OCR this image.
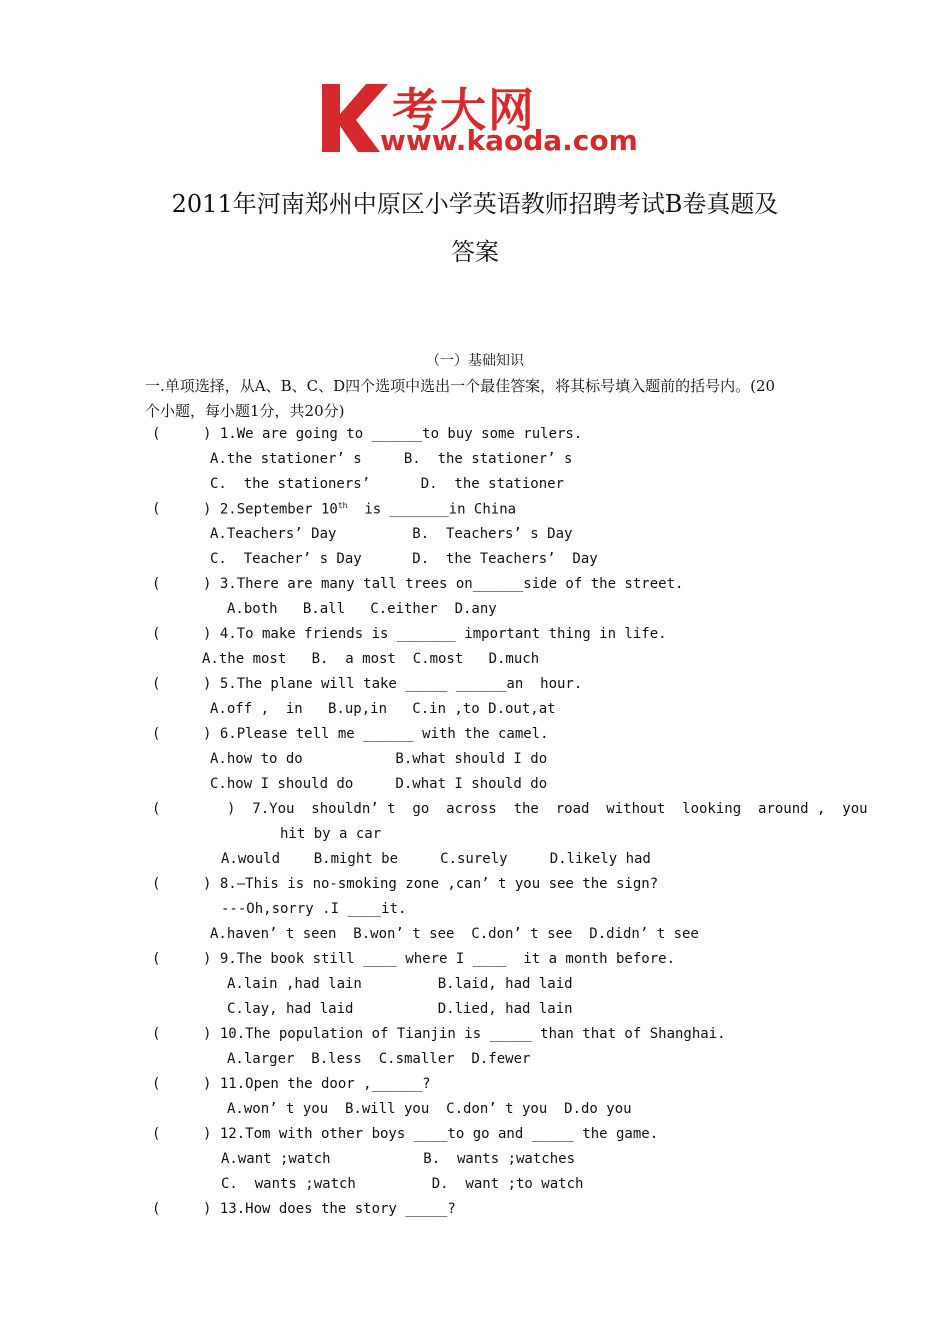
考大网
www.kaoda.com
2011年河南郑州中原区小学英语教师招聘考试B卷真题及
答案
（一）基础知识
一.单项选择，从A、B、C、D四个选项中选出一个最佳答案，将其标号填入题前的括号内。(20
个小题，每小题1分，共20分)
(	) 1.We are going to ______to buy some rulers.
A.the stationer’ s     B.  the stationer’ s
C.  the stationers’      D.  the stationer
(	) 2.September 10th  is _______in China
A.Teachers’ Day         B.  Teachers’ s Day
C.  Teacher’ s Day      D.  the Teachers’  Day
(	) 3.There are many tall trees on______side of the street.
A.both   B.all   C.either  D.any
(	) 4.To make friends is _______ important thing in life.
A.the most   B.  a most  C.most   D.much
(	) 5.The plane will take _____ ______an  hour.
A.off ,  in   B.up,in   C.in ,to D.out,at
(	) 6.Please tell me ______ with the camel.
A.how to do           B.what should I do
C.how I should do     D.what I should do
(	)  7.You  shouldn’ t  go  across  the  road  without  looking  around ,  you
hit by a car
A.would    B.might be     C.surely     D.likely had
(	) 8.—This is no-smoking zone ,can’ t you see the sign?
---Oh,sorry .I ____it.
A.haven’ t seen  B.won’ t see  C.don’ t see  D.didn’ t see
(	) 9.The book still ____ where I ____  it a month before.
A.lain ,had lain         B.laid, had laid
C.lay, had laid          D.lied, had lain
(	) 10.The population of Tianjin is _____ than that of Shanghai.
A.larger  B.less  C.smaller  D.fewer
(	) 11.Open the door ,______?
A.won’ t you  B.will you  C.don’ t you  D.do you
(	) 12.Tom with other boys ____to go and _____ the game.
A.want ;watch           B.  wants ;watches
C.  wants ;watch         D.  want ;to watch
(	) 13.How does the story _____?
